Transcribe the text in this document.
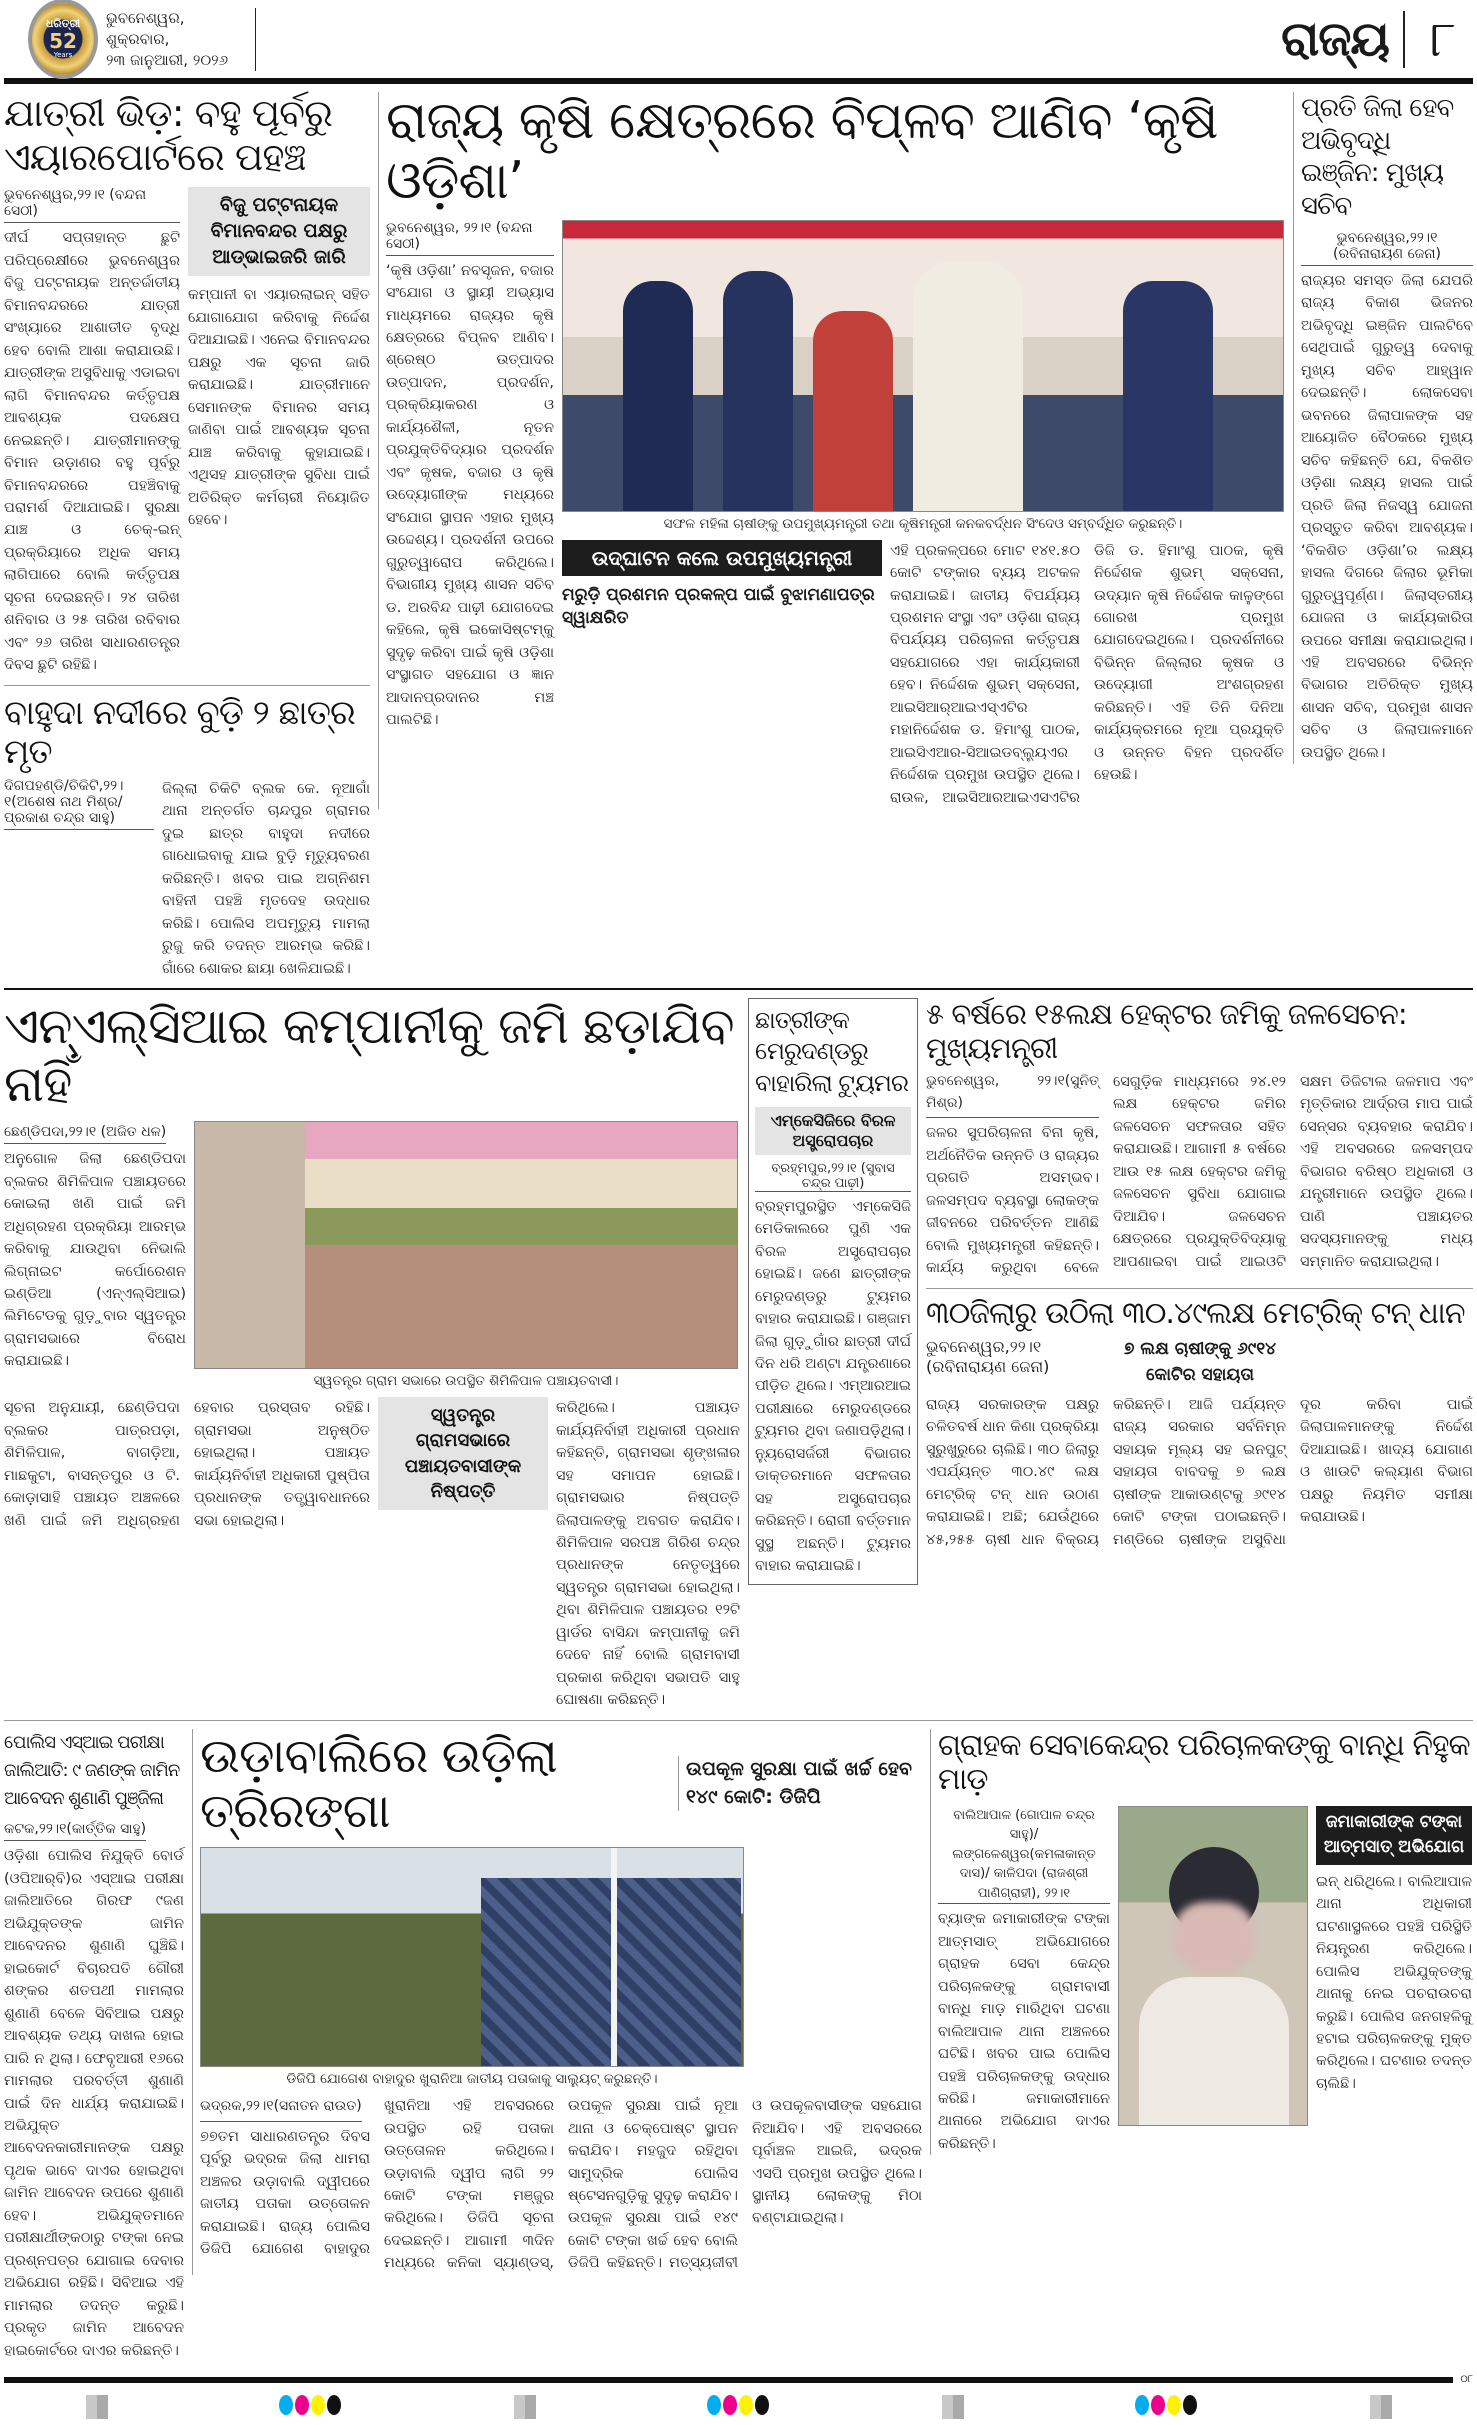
ଧରିତ୍ରୀ
52
Years
ଭୁବନେଶ୍ୱର, ଶୁକ୍ରବାର,
୨୩ ଜାନୁଆରୀ, ୨୦୨୬	ରାଜ୍ୟ ୮
ଯାତ୍ରୀ ଭିଡ଼: ବହୁ ପୂର୍ବରୁ ଏୟାରପୋର୍ଟରେ ପହଞ୍ଚ
ଭୁବନେଶ୍ୱର,୨୨।୧ (ବନ୍ଦନା ସେଠୀ)
ଦୀର୍ଘ ସପ୍ତାହାନ୍ତ ଛୁଟି ପରିପ୍ରେକ୍ଷୀରେ ଭୁବନେଶ୍ୱର ବିଜୁ ପଟ୍ଟନାୟକ ଅନ୍ତର୍ଜାତୀୟ ବିମାନବନ୍ଦରରେ ଯାତ୍ରୀ ସଂଖ୍ୟାରେ ଆଶାତୀତ ବୃଦ୍ଧି ହେବ ବୋଲି ଆଶା କରାଯାଉଛି। ଯାତ୍ରୀଙ୍କ ଅସୁବିଧାକୁ ଏଡାଇବା ଲାଗି ବିମାନବନ୍ଦର କର୍ତ୍ତୃପକ୍ଷ ଆବଶ୍ୟକ ପଦକ୍ଷେପ ନେଇଛନ୍ତି। ଯାତ୍ରୀମାନଙ୍କୁ ବିମାନ ଉଡ଼ାଣର ବହୁ ପୂର୍ବରୁ ବିମାନବନ୍ଦରରେ ପହଞ୍ଚିବାକୁ ପରାମର୍ଶ ଦିଆଯାଇଛି। ସୁରକ୍ଷା ଯାଞ୍ଚ ଓ ଚେକ୍-ଇନ୍ ପ୍ରକ୍ରିୟାରେ ଅଧିକ ସମୟ ଲାଗିପାରେ ବୋଲି କର୍ତ୍ତୃପକ୍ଷ ସୂଚନା ଦେଇଛନ୍ତି। ୨୪ ତାରିଖ ଶନିବାର ଓ ୨୫ ତାରିଖ ରବିବାର ଏବଂ ୨୬ ତାରିଖ ସାଧାରଣତନ୍ତ୍ର ଦିବସ ଛୁଟି ରହିଛି।
ବିଜୁ ପଟ୍ଟନାୟକ ବିମାନବନ୍ଦର ପକ୍ଷରୁ ଆଡ୍‌ଭାଇଜରି ଜାରି
କମ୍ପାନୀ ବା ଏୟାରଲାଇନ୍ ସହିତ ଯୋଗାଯୋଗ କରିବାକୁ ନିର୍ଦ୍ଦେଶ ଦିଆଯାଇଛି। ଏନେଇ ବିମାନବନ୍ଦର ପକ୍ଷରୁ ଏକ ସୂଚନା ଜାରି କରାଯାଇଛି। ଯାତ୍ରୀମାନେ ସେମାନଙ୍କ ବିମାନର ସମୟ ଜାଣିବା ପାଇଁ ଆବଶ୍ୟକ ସୂଚନା ଯାଞ୍ଚ କରିବାକୁ କୁହାଯାଇଛି। ଏଥିସହ ଯାତ୍ରୀଙ୍କ ସୁବିଧା ପାଇଁ ଅତିରିକ୍ତ କର୍ମଚାରୀ ନିୟୋଜିତ ହେବେ।
ବାହୁଦା ନଦୀରେ ବୁଡ଼ି ୨ ଛାତ୍ର ମୃତ
ଦିଗପହଣ୍ଡି/ଚିକିଟି,୨୨।୧(ଅଶେଷ ନାଥ ମିଶ୍ର/ପ୍ରକାଶ ଚନ୍ଦ୍ର ସାହୁ)
ଜିଲ୍ଲା ଚିକିଟି ବ୍ଲକ କେ. ନୂଆଗାଁ ଥାନା ଅନ୍ତର୍ଗତ ଚାନ୍ଦପୁର ଗ୍ରାମର ଦୁଇ ଛାତ୍ର ବାହୁଦା ନଦୀରେ ଗାଧୋଇବାକୁ ଯାଇ ବୁଡ଼ି ମୃତ୍ୟୁବରଣ କରିଛନ୍ତି। ଖବର ପାଇ ଅଗ୍ନିଶମ ବାହିନୀ ପହଞ୍ଚି ମୃତଦେହ ଉଦ୍ଧାର କରିଛି। ପୋଲିସ ଅପମୃତ୍ୟୁ ମାମଲା ରୁଜୁ କରି ତଦନ୍ତ ଆରମ୍ଭ କରିଛି। ଗାଁରେ ଶୋକର ଛାୟା ଖେଳିଯାଇଛି।
ରାଜ୍ୟ କୃଷି କ୍ଷେତ୍ରରେ ବିପ୍ଳବ ଆଣିବ ‘କୃଷି ଓଡ଼ିଶା’
ଭୁବନେଶ୍ୱର, ୨୨।୧ (ବନ୍ଦନା ସେଠୀ)
‘କୃଷି ଓଡ଼ିଶା’ ନବସୃଜନ, ବଜାର ସଂଯୋଗ ଓ ସ୍ଥାୟୀ ଅଭ୍ୟାସ ମାଧ୍ୟମରେ ରାଜ୍ୟର କୃଷି କ୍ଷେତ୍ରରେ ବିପ୍ଳବ ଆଣିବ। ଶ୍ରେଷ୍ଠ ଉତ୍ପାଦର ଉତ୍ପାଦନ, ପ୍ରଦର୍ଶନ, ପ୍ରକ୍ରିୟାକରଣ ଓ କାର୍ଯ୍ୟଶୈଳୀ, ନୂତନ ପ୍ରଯୁକ୍ତିବିଦ୍ୟାର ପ୍ରଦର୍ଶନ ଏବଂ କୃଷକ, ବଜାର ଓ କୃଷି ଉଦ୍ୟୋଗୀଙ୍କ ମଧ୍ୟରେ ସଂଯୋଗ ସ୍ଥାପନ ଏହାର ମୁଖ୍ୟ ଉଦ୍ଦେଶ୍ୟ। ପ୍ରଦର୍ଶନୀ ଉପରେ ଗୁରୁତ୍ୱାରୋପ କରିଥିଲେ। ବିଭାଗୀୟ ମୁଖ୍ୟ ଶାସନ ସଚିବ ଡ. ଅରବିନ୍ଦ ପାଢ଼ୀ ଯୋଗଦେଇ କହିଲେ, କୃଷି ଇକୋସିଷ୍ଟମ୍‌କୁ ସୁଦୃଢ଼ କରିବା ପାଇଁ କୃଷି ଓଡ଼ିଶା ସଂସ୍ଥାଗତ ସହଯୋଗ ଓ ଜ୍ଞାନ ଆଦାନପ୍ରଦାନର ମଞ୍ଚ ପାଲଟିଛି।
ସଫଳ ମହିଳା ଚାଷୀଙ୍କୁ ଉପମୁଖ୍ୟମନ୍ତ୍ରୀ ତଥା କୃଷିମନ୍ତ୍ରୀ କନକବର୍ଦ୍ଧନ ସିଂଦେଓ ସମ୍ବର୍ଦ୍ଧିତ କରୁଛନ୍ତି।
ଉଦ୍‌ଘାଟନ କଲେ ଉପମୁଖ୍ୟମନ୍ତ୍ରୀ
ମରୁଡ଼ି ପ୍ରଶମନ ପ୍ରକଳ୍ପ ପାଇଁ ବୁଝାମଣାପତ୍ର ସ୍ୱାକ୍ଷରିତ
ଏହି ପ୍ରକଳ୍ପରେ ମୋଟ ୧୪୧.୫୦ କୋଟି ଟଙ୍କାର ବ୍ୟୟ ଅଟକଳ କରାଯାଇଛି। ଜାତୀୟ ବିପର୍ଯ୍ୟୟ ପ୍ରଶମନ ସଂସ୍ଥା ଏବଂ ଓଡ଼ିଶା ରାଜ୍ୟ ବିପର୍ଯ୍ୟୟ ପରିଚାଳନା କର୍ତ୍ତୃପକ୍ଷ ସହଯୋଗରେ ଏହା କାର୍ଯ୍ୟକାରୀ ହେବ। ନିର୍ଦ୍ଦେଶକ ଶୁଭମ୍ ସକ୍ସେନା, ଆଇସିଆର୍‌ଆଇଏସ୍‌ଏଟିର ମହାନିର୍ଦ୍ଦେଶକ ଡ. ହିମାଂଶୁ ପାଠକ, ଆଇସିଏଆର-ସିଆଇଡବ୍ଲ୍ୟୁଏର ନିର୍ଦ୍ଦେଶକ ପ୍ରମୁଖ ଉପସ୍ଥିତ ଥିଲେ। ରାଉଳ, ଆଇସିଆରଆଇଏସଏଟିର ଡିଜି ଡ. ହିମାଂଶୁ ପାଠକ, କୃଷି ନିର୍ଦ୍ଦେଶକ ଶୁଭମ୍ ସକ୍ସେନା, ଉଦ୍ୟାନ କୃଷି ନିର୍ଦ୍ଦେଶକ କାଳୁଙ୍ଗେ ଗୋରଖ ପ୍ରମୁଖ ଯୋଗଦେଇଥିଲେ। ପ୍ରଦର୍ଶନୀରେ ବିଭିନ୍ନ ଜିଲ୍ଲାର କୃଷକ ଓ ଉଦ୍ୟୋଗୀ ଅଂଶଗ୍ରହଣ କରିଛନ୍ତି। ଏହି ତିନି ଦିନିଆ କାର୍ଯ୍ୟକ୍ରମରେ ନୂଆ ପ୍ରଯୁକ୍ତି ଓ ଉନ୍ନତ ବିହନ ପ୍ରଦର୍ଶିତ ହେଉଛି।
ପ୍ରତି ଜିଲା ହେବ ଅଭିବୃଦ୍ଧି ଇଞ୍ଜିନ: ମୁଖ୍ୟ ସଚିବ
ଭୁବନେଶ୍ୱର,୨୨।୧ (ରବିନାରାୟଣ ଜେନା)
ରାଜ୍ୟର ସମସ୍ତ ଜିଲା ଯେପରି ରାଜ୍ୟ ବିକାଶ ଭିଜନର ଅଭିବୃଦ୍ଧି ଇଞ୍ଜିନ ପାଲଟିବେ ସେଥିପାଇଁ ଗୁରୁତ୍ୱ ଦେବାକୁ ମୁଖ୍ୟ ସଚିବ ଆହ୍ୱାନ ଦେଇଛନ୍ତି। ଲୋକସେବା ଭବନରେ ଜିଲାପାଳଙ୍କ ସହ ଆୟୋଜିତ ବୈଠକରେ ମୁଖ୍ୟ ସଚିବ କହିଛନ୍ତି ଯେ, ବିକଶିତ ଓଡ଼ିଶା ଲକ୍ଷ୍ୟ ହାସଲ ପାଇଁ ପ୍ରତି ଜିଲା ନିଜସ୍ୱ ଯୋଜନା ପ୍ରସ୍ତୁତ କରିବା ଆବଶ୍ୟକ। ‘ବିକଶିତ ଓଡ଼ିଶା’ର ଲକ୍ଷ୍ୟ ହାସଲ ଦିଗରେ ଜିଲାର ଭୂମିକା ଗୁରୁତ୍ୱପୂର୍ଣ୍ଣ। ଜିଲାସ୍ତରୀୟ ଯୋଜନା ଓ କାର୍ଯ୍ୟକାରିତା ଉପରେ ସମୀକ୍ଷା କରାଯାଇଥିଲା। ଏହି ଅବସରରେ ବିଭିନ୍ନ ବିଭାଗର ଅତିରିକ୍ତ ମୁଖ୍ୟ ଶାସନ ସଚିବ, ପ୍ରମୁଖ ଶାସନ ସଚିବ ଓ ଜିଲାପାଳମାନେ ଉପସ୍ଥିତ ଥିଲେ।
ଏନ୍‌ଏଲ୍‌ସିଆଇ କମ୍ପାନୀକୁ ଜମି ଛଡ଼ାଯିବ ନାହିଁ
ଛେଣ୍ଡିପଦା,୨୨।୧ (ଅଜିତ ଧଳ)
ଅନୁଗୋଳ ଜିଲା ଛେଣ୍ଡିପଦା ବ୍ଲକର ଶିମିଳିପାଳ ପଞ୍ଚାୟତରେ କୋଇଲା ଖଣି ପାଇଁ ଜମି ଅଧିଗ୍ରହଣ ପ୍ରକ୍ରିୟା ଆରମ୍ଭ କରିବାକୁ ଯାଉଥିବା ନେିଭାଲି ଲିଗ୍‌ନାଇଟ କର୍ପୋରେଶନ ଇଣ୍ଡିଆ (ଏନ୍‌ଏଲ୍‌ସିଆଇ) ଲିମିଟେଡକୁ ଗୁଡ଼ୁବାର ସ୍ୱତନ୍ତ୍ର ଗ୍ରାମସଭାରେ ବିରୋଧ କରାଯାଇଛି।
ସ୍ୱତନ୍ତ୍ର ଗ୍ରାମ ସଭାରେ ଉପସ୍ଥିତ ଶିମିଳିପାଳ ପଞ୍ଚାୟତବାସୀ।
ସୂଚନା ଅନୁଯାୟୀ, ଛେଣ୍ଡିପଦା ବ୍ଲକର ପାତ୍ରପଡ଼ା, ଶିମିଳିପାଳ, ବାଗଡ଼ିଆ, ମାଛକୁଟା, ବାସନ୍ତପୁର ଓ ଟି. କୋଡ଼ାସାହି ପଞ୍ଚାୟତ ଅଞ୍ଚଳରେ ଖଣି ପାଇଁ ଜମି ଅଧିଗ୍ରହଣ ହେବାର ପ୍ରସ୍ତାବ ରହିଛି। ଗ୍ରାମସଭା ଅନୁଷ୍ଠିତ ହୋଇଥିଲା। ପଞ୍ଚାୟତ କାର୍ଯ୍ୟନିର୍ବାହୀ ଅଧିକାରୀ ପୁଷ୍ପିତା ପ୍ରଧାନଙ୍କ ତତ୍ତ୍ୱାବଧାନରେ ସଭା ହୋଇଥିଲା।
ସ୍ୱତନ୍ତ୍ର ଗ୍ରାମସଭାରେ ପଞ୍ଚାୟତବାସୀଙ୍କ ନିଷ୍ପତ୍ତି
କରିଥିଲେ। ପଞ୍ଚାୟତ କାର୍ଯ୍ୟନିର୍ବାହୀ ଅଧିକାରୀ ପ୍ରଧାନ କହିଛନ୍ତି, ଗ୍ରାମସଭା ଶୃଙ୍ଖଳାର ସହ ସମାପନ ହୋଇଛି। ଗ୍ରାମସଭାର ନିଷ୍ପତ୍ତି ଜିଲାପାଳଙ୍କୁ ଅବଗତ କରାଯିବ। ଶିମିଳିପାଳ ସରପଞ୍ଚ ଗିରିଶ ଚନ୍ଦ୍ର ପ୍ରଧାନଙ୍କ ନେତୃତ୍ୱରେ ସ୍ୱତନ୍ତ୍ର ଗ୍ରାମସଭା ହୋଇଥିଲା। ଥିବା ଶିମିଳିପାଳ ପଞ୍ଚାୟତର ୧୨ଟି ୱାର୍ଡର ବାସିନ୍ଦା କମ୍ପାନୀକୁ ଜମି ଦେବେ ନାହିଁ ବୋଲି ଗ୍ରାମବାସୀ ପ୍ରକାଶ କରିଥିବା ସଭାପତି ସାହୁ ଘୋଷଣା କରିଛନ୍ତି।
ଛାତ୍ରୀଙ୍କ ମେରୁଦଣ୍ଡରୁ ବାହାରିଲା ଟ୍ୟୁମର
ଏମ୍‌କେସିଜିରେ ବିରଳ ଅସ୍ତ୍ରୋପଚାର
ବ୍ରହ୍ମପୁର,୨୨।୧ (ସୁବାସ ଚନ୍ଦ୍ର ପାଢ଼ୀ)
ବ୍ରହ୍ମପୁରସ୍ଥିତ ଏମ୍‌କେସିଜି ମେଡିକାଲରେ ପୁଣି ଏକ ବିରଳ ଅସ୍ତ୍ରୋପଚାର ହୋଇଛି। ଜଣେ ଛାତ୍ରୀଙ୍କ ମେରୁଦଣ୍ଡରୁ ଟ୍ୟୁମର ବାହାର କରାଯାଇଛି। ଗଞ୍ଜାମ ଜିଲା ଗୁଡ଼ୁଗାଁର ଛାତ୍ରୀ ଦୀର୍ଘ ଦିନ ଧରି ଅଣ୍ଟା ଯନ୍ତ୍ରଣାରେ ପୀଡ଼ିତ ଥିଲେ। ଏମ୍‌ଆରଆଇ ପରୀକ୍ଷାରେ ମେରୁଦଣ୍ଡରେ ଟ୍ୟୁମର ଥିବା ଜଣାପଡ଼ିଥିଲା। ନ୍ୟୁରୋସର୍ଜରୀ ବିଭାଗର ଡାକ୍ତରମାନେ ସଫଳତାର ସହ ଅସ୍ତ୍ରୋପଚାର କରିଛନ୍ତି। ରୋଗୀ ବର୍ତ୍ତମାନ ସୁସ୍ଥ ଅଛନ୍ତି। ଟ୍ୟୁମର ବାହାର କରାଯାଇଛି।
୫ ବର୍ଷରେ ୧୫ଲକ୍ଷ ହେକ୍ଟର ଜମିକୁ ଜଳସେଚନ: ମୁଖ୍ୟମନ୍ତ୍ରୀ
ଭୁବନେଶ୍ୱର, ୨୨।୧(ସୁନିତ୍ ମିଶ୍ର) ଜଳର ସୁପରିଚାଳନା ବିନା କୃଷି, ଅର୍ଥନୈତିକ ଉନ୍ନତି ଓ ରାଜ୍ୟର ପ୍ରଗତି ଅସମ୍ଭବ। ଜଳସମ୍ପଦ ବ୍ୟବସ୍ଥା ଲୋକଙ୍କ ଜୀବନରେ ପରିବର୍ତ୍ତନ ଆଣିଛି ବୋଲି ମୁଖ୍ୟମନ୍ତ୍ରୀ କହିଛନ୍ତି। କାର୍ଯ୍ୟ କରୁଥିବା ବେଳେ ସେଗୁଡ଼ିକ ମାଧ୍ୟମରେ ୨୪.୧୨ ଲକ୍ଷ ହେକ୍ଟର ଜମିର ଜଳସେଚନ ସଫଳତାର ସହିତ କରାଯାଉଛି। ଆଗାମୀ ୫ ବର୍ଷରେ ଆଉ ୧୫ ଲକ୍ଷ ହେକ୍ଟର ଜମିକୁ ଜଳସେଚନ ସୁବିଧା ଯୋଗାଇ ଦିଆଯିବ। ଜଳସେଚନ କ୍ଷେତ୍ରରେ ପ୍ରଯୁକ୍ତିବିଦ୍ୟାକୁ ଆପଣାଇବା ପାଇଁ ଆଇଓଟି ସକ୍ଷମ ଡିଜିଟାଲ ଜଳମାପ ଏବଂ ମୃତ୍ତିକାର ଆର୍ଦ୍ରତା ମାପ ପାଇଁ ସେନ୍‌ସର ବ୍ୟବହାର କରାଯିବ। ଏହି ଅବସରରେ ଜଳସମ୍ପଦ ବିଭାଗର ବରିଷ୍ଠ ଅଧିକାରୀ ଓ ଯନ୍ତ୍ରୀମାନେ ଉପସ୍ଥିତ ଥିଲେ। ପାଣି ପଞ୍ଚାୟତର ସଦସ୍ୟମାନଙ୍କୁ ମଧ୍ୟ ସମ୍ମାନିତ କରାଯାଇଥିଲା।
୩୦ଜିଲାରୁ ଉଠିଲା ୩୦.୪୯ଲକ୍ଷ ମେଟ୍ରିକ୍ ଟନ୍ ଧାନ
ଭୁବନେଶ୍ୱର,୨୨।୧ (ରବିନାରାୟଣ ଜେନା)
୭ ଲକ୍ଷ ଚାଷୀଙ୍କୁ ୬୯୧୪ କୋଟିର ସହାୟତା
ରାଜ୍ୟ ସରକାରଙ୍କ ପକ୍ଷରୁ ଚଳିତବର୍ଷ ଧାନ କିଣା ପ୍ରକ୍ରିୟା ସୁରୁଖୁରୁରେ ଚାଲିଛି। ୩୦ ଜିଲାରୁ ଏପର୍ଯ୍ୟନ୍ତ ୩୦.୪୯ ଲକ୍ଷ ମେଟ୍ରିକ୍ ଟନ୍ ଧାନ ଉଠାଣ କରାଯାଇଛି। ଅଛି; ଯେଉଁଥିରେ ୪୫,୨୫୫ ଚାଷୀ ଧାନ ବିକ୍ରୟ କରିଛନ୍ତି। ଆଜି ପର୍ଯ୍ୟନ୍ତ ରାଜ୍ୟ ସରକାର ସର୍ବନିମ୍ନ ସହାୟକ ମୂଲ୍ୟ ସହ ଇନପୁଟ୍ ସହାୟତା ବାବଦକୁ ୭ ଲକ୍ଷ ଚାଷୀଙ୍କ ଆକାଉଣ୍ଟକୁ ୬୯୧୪ କୋଟି ଟଙ୍କା ପଠାଇଛନ୍ତି। ମଣ୍ଡିରେ ଚାଷୀଙ୍କ ଅସୁବିଧା ଦୂର କରିବା ପାଇଁ ଜିଲାପାଳମାନଙ୍କୁ ନିର୍ଦ୍ଦେଶ ଦିଆଯାଇଛି। ଖାଦ୍ୟ ଯୋଗାଣ ଓ ଖାଉଟି କଲ୍ୟାଣ ବିଭାଗ ପକ୍ଷରୁ ନିୟମିତ ସମୀକ୍ଷା କରାଯାଉଛି।
ପୋଲିସ ଏସ୍‌ଆଇ ପରୀକ୍ଷା ଜାଲିଆତି: ୯ ଜଣଙ୍କ ଜାମିନ ଆବେଦନ ଶୁଣାଣି ପୁଞ୍ଜିଳା
କଟକ,୨୨।୧(କାର୍ତ୍ତିକ ସାହୁ)
ଓଡ଼ିଶା ପୋଲିସ ନିଯୁକ୍ତି ବୋର୍ଡ (ଓପିଆର୍‌ବି)ର ଏସ୍‌ଆଇ ପରୀକ୍ଷା ଜାଲିଆତିରେ ଗିରଫ ୯ଜଣ ଅଭିଯୁକ୍ତଙ୍କ ଜାମିନ ଆବେଦନର ଶୁଣାଣି ଘୁଞ୍ଚିଛି। ହାଇକୋର୍ଟ ବିଚାରପତି ଗୌରୀ ଶଙ୍କର ଶତପଥୀ ମାମଲାର ଶୁଣାଣି ବେଳେ ସିବିଆଇ ପକ୍ଷରୁ ଆବଶ୍ୟକ ତଥ୍ୟ ଦାଖଲ ହୋଇ ପାରି ନ ଥିଲା। ଫେବୃଆରୀ ୧୬ରେ ମାମଲାର ପରବର୍ତ୍ତୀ ଶୁଣାଣି ପାଇଁ ଦିନ ଧାର୍ଯ୍ୟ କରାଯାଇଛି। ଅଭିଯୁକ୍ତ ଆବେଦନକାରୀମାନଙ୍କ ପକ୍ଷରୁ ପୃଥକ ଭାବେ ଦାଏର ହୋଇଥିବା ଜାମିନ ଆବେଦନ ଉପରେ ଶୁଣାଣି ହେବ। ଅଭିଯୁକ୍ତମାନେ ପରୀକ୍ଷାର୍ଥୀଙ୍କଠାରୁ ଟଙ୍କା ନେଇ ପ୍ରଶ୍ନପତ୍ର ଯୋଗାଇ ଦେବାର ଅଭିଯୋଗ ରହିଛି। ସିବିଆଇ ଏହି ମାମଲାର ତଦନ୍ତ କରୁଛି। ପ୍ରକୃତ ଜାମିନ ଆବେଦନ ହାଇକୋର୍ଟରେ ଦାଏର କରିଛନ୍ତି।
ଉଡ଼ାବାଲିରେ ଉଡ଼ିଲା ତ୍ରିରଙ୍ଗା
ଉପକୂଳ ସୁରକ୍ଷା ପାଇଁ ଖର୍ଚ୍ଚ ହେବ ୧୪୯ କୋଟି: ଡିଜିପି
ଡିଜିପି ଯୋଗେଶ ବାହାଦୁର ଖୁରାନିଆ ଜାତୀୟ ପତାକାକୁ ସାଲ୍ୟୁଟ୍ କରୁଛନ୍ତି।
ଭଦ୍ରକ,୨୨।୧(ସନାତନ ରାଉତ) ୭୭ତମ ସାଧାରଣତନ୍ତ୍ର ଦିବସ ପୂର୍ବରୁ ଭଦ୍ରକ ଜିଲା ଧାମରା ଅଞ୍ଚଳର ଉଡ଼ାବାଲି ଦ୍ୱୀପରେ ଜାତୀୟ ପତାକା ଉତ୍ତୋଳନ କରାଯାଇଛି। ରାଜ୍ୟ ପୋଲିସ ଡିଜିପି ଯୋଗେଶ ବାହାଦୁର ଖୁରାନିଆ ଏହି ଅବସରରେ ଉପସ୍ଥିତ ରହି ପତାକା ଉତ୍ତୋଳନ କରିଥିଲେ। ଉଡ଼ାବାଲି ଦ୍ୱୀପ ଲାଗି ୨୨ କୋଟି ଟଙ୍କା ମଞ୍ଜୁର କରିଥିଲେ। ଡିଜିପି ସୂଚନା ଦେଇଛନ୍ତି। ଆଗାମୀ ୩ଦିନ ମଧ୍ୟରେ କନିକା ସ୍ୟାଣ୍ଡସ୍, ଉପକୂଳ ସୁରକ୍ଷା ପାଇଁ ନୂଆ ଥାନା ଓ ଚେକ୍‌ପୋଷ୍ଟ ସ୍ଥାପନ କରାଯିବ। ମହଜୁଦ ରହିଥିବା ସାମୁଦ୍ରିକ ପୋଲିସ ଷ୍ଟେସନଗୁଡ଼ିକୁ ସୁଦୃଢ଼ କରାଯିବ। ଉପକୂଳ ସୁରକ୍ଷା ପାଇଁ ୧୪୯ କୋଟି ଟଙ୍କା ଖର୍ଚ୍ଚ ହେବ ବୋଲି ଡିଜିପି କହିଛନ୍ତି। ମତ୍ସ୍ୟଜୀବୀ ଓ ଉପକୂଳବାସୀଙ୍କ ସହଯୋଗ ନିଆଯିବ। ଏହି ଅବସରରେ ପୂର୍ବାଞ୍ଚଳ ଆଇଜି, ଭଦ୍ରକ ଏସପି ପ୍ରମୁଖ ଉପସ୍ଥିତ ଥିଲେ। ସ୍ଥାନୀୟ ଲୋକଙ୍କୁ ମିଠା ବଣ୍ଟାଯାଇଥିଲା।
ଗ୍ରାହକ ସେବାକେନ୍ଦ୍ର ପରିଚାଳକଙ୍କୁ ବାନ୍ଧି ନିହୁକ ମାଡ଼
ବାଲିଆପାଳ (ଗୋପାଳ ଚନ୍ଦ୍ର ସାହୁ)/ ଲଙ୍ଗଳେଶ୍ୱର(କମଳାକାନ୍ତ ଦାସ)/ କାଳିପଦା (ରାଜଶ୍ରୀ ପାଣିଗ୍ରାହୀ), ୨୨।୧
ବ୍ୟାଙ୍କ ଜମାକାରୀଙ୍କ ଟଙ୍କା ଆତ୍ମସାତ୍ ଅଭିଯୋଗରେ ଗ୍ରାହକ ସେବା କେନ୍ଦ୍ର ପରିଚାଳକଙ୍କୁ ଗ୍ରାମବାସୀ ବାନ୍ଧି ମାଡ଼ ମାରିଥିବା ଘଟଣା ବାଲିଆପାଳ ଥାନା ଅଞ୍ଚଳରେ ଘଟିଛି। ଖବର ପାଇ ପୋଲିସ ପହଞ୍ଚି ପରିଚାଳକଙ୍କୁ ଉଦ୍ଧାର କରିଛି। ଜମାକାରୀମାନେ ଥାନାରେ ଅଭିଯୋଗ ଦାଏର କରିଛନ୍ତି।
ଜମାକାରୀଙ୍କ ଟଙ୍କା ଆତ୍ମସାତ୍ ଅଭିଯୋଗ
ଇନ୍ ଧରିଥିଲେ। ବାଲିଆପାଳ ଥାନା ଅଧିକାରୀ ଘଟଣାସ୍ଥଳରେ ପହଞ୍ଚି ପରିସ୍ଥିତି ନିୟନ୍ତ୍ରଣ କରିଥିଲେ। ପୋଲିସ ଅଭିଯୁକ୍ତଙ୍କୁ ଥାନାକୁ ନେଇ ପଚରାଉଚରା କରୁଛି। ପୋଲିସ ଜନଗହଳିକୁ ହଟାଇ ପରିଚାଳକଙ୍କୁ ମୁକ୍ତ କରିଥିଲେ। ଘଟଣାର ତଦନ୍ତ ଚାଲିଛି।
୦୮
